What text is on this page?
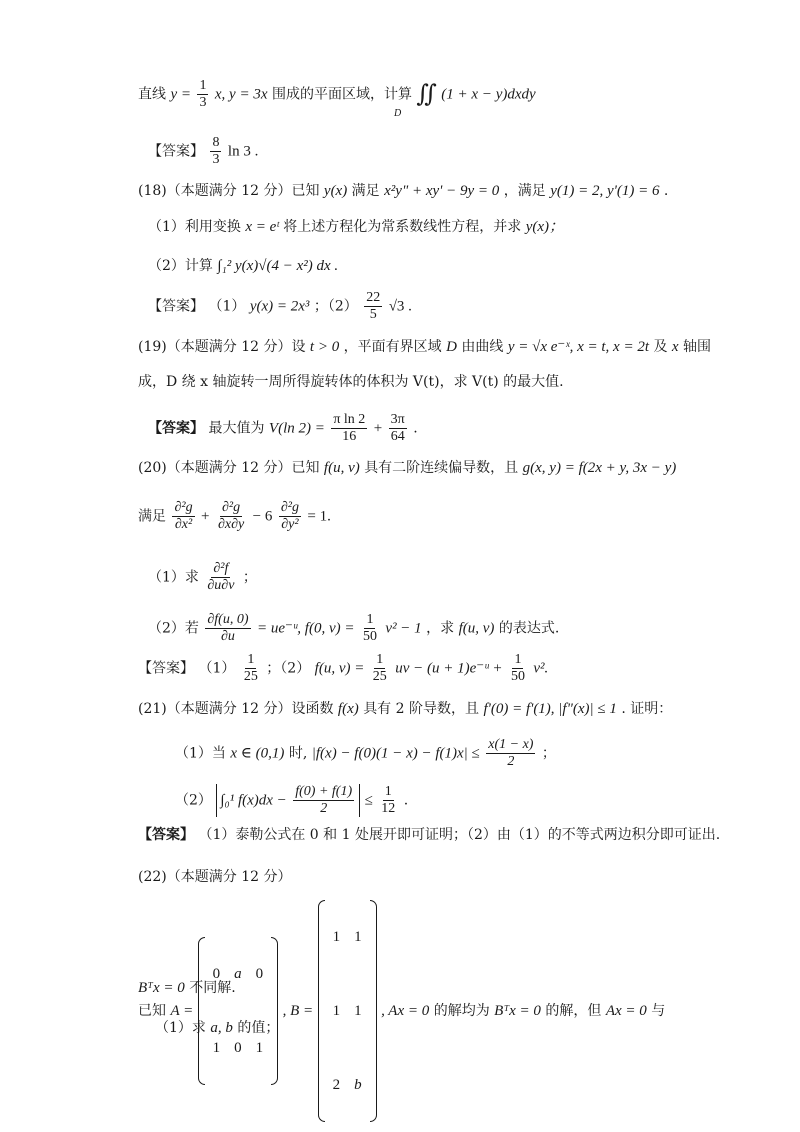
直线 $y = \frac{1}{3} x$, y = 3x 围成的平面区域，计算 ∬ (1 + x − y)dxdy
D
【答案】 $\frac{8}{3}$ ln 3 .
(18)（本题满分 12 分）已知 y(x) 满足 x²y" + xy' − 9y = 0 ，满足 y(1) = 2, y'(1) = 6 .
（1）利用变换 x = eᵗ 将上述方程化为常系数线性方程，并求 y(x)；
（2）计算 ∫₁² y(x)√(4 − x²) dx .
【答案】 （1） y(x) = 2x³ ；$(2) \frac{22}{5} √3$ .
(19)（本题满分 12 分）设 t > 0 ，平面有界区域 D 由曲线 y = √x e⁻ˣ, x = t, x = 2t 及 x 轴围
成，D 绕 x 轴旋转一周所得旋转体的体积为 V(t)，求 V(t) 的最大值.
【答案】 最大值为 V(ln $2) = \frac{\text{π ln 2}}{16} + \frac{3\pi}{64}$ .
(20)（本题满分 12 分）已知 f(u, v) 具有二阶连续偏导数，且 g(x, y) = f(2x + y, 3x − y)
满足 $\frac{\text{∂²g}}{\text{∂x²}} + \frac{\text{∂²g}}{\partial x\partial y} - 6 \frac{\text{∂²g}}{\text{∂y²}} = 1$.
（1）求 $\frac{\text{∂²f}}{\partial u\partial v}$ ；
（2）若 $\frac{\partial f(u, 0)}{\partial u}$ = ue⁻ᵘ, f(0, $v) = \frac{1}{50} v^2 - 1$ ，求 f(u, v) 的表达式.
【答案】 $(1) \frac{1}{25}$ ；（2） f(u, $v) = \frac{1}{25}$ uv − (u + 1)e⁻ᵘ + $\frac{1}{50} v^2$.
(21)（本题满分 12 分）设函数 f(x) 具有 2 阶导数，且 f'(0) = f'(1), |f"(x)| ≤ 1 . 证明：
（1）当 x ∈ (0,1) 时, $|f(x) - f(0)(1 - x) - f(1)x| \le \frac{x(1 - x)}{2}$ ；
（2） ∫₀¹ $f(x)dx - \frac{f(0) + f(1)}{2} \le \frac{1}{12}$ .
【答案】 （1）泰勒公式在 0 和 1 处展开即可证明；（2）由（1）的不等式两边积分即可证出.
(22)（本题满分 12 分）
已知 A =
0	a	0
1	0	1
, B =
1	1
1	1
2	b
, Ax = 0 的解均为 Bᵀx = 0 的解，但 Ax = 0 与
Bᵀx = 0 不同解.
（1）求 a, b 的值；
